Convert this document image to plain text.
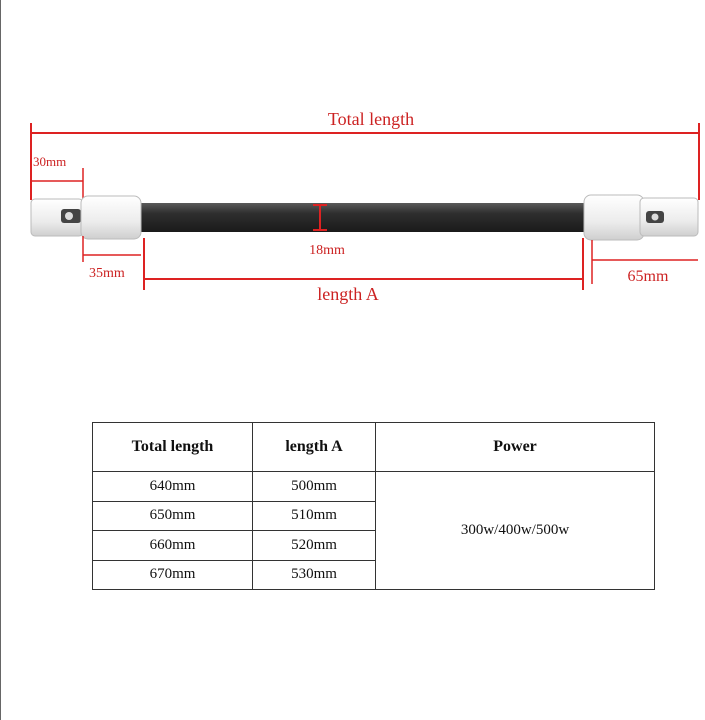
Total length
30mm
18mm
35mm
length A
65mm
Total length	length A	Power
640mm	500mm	300w/400w/500w
650mm	510mm	
660mm	520mm	
670mm	530mm	
